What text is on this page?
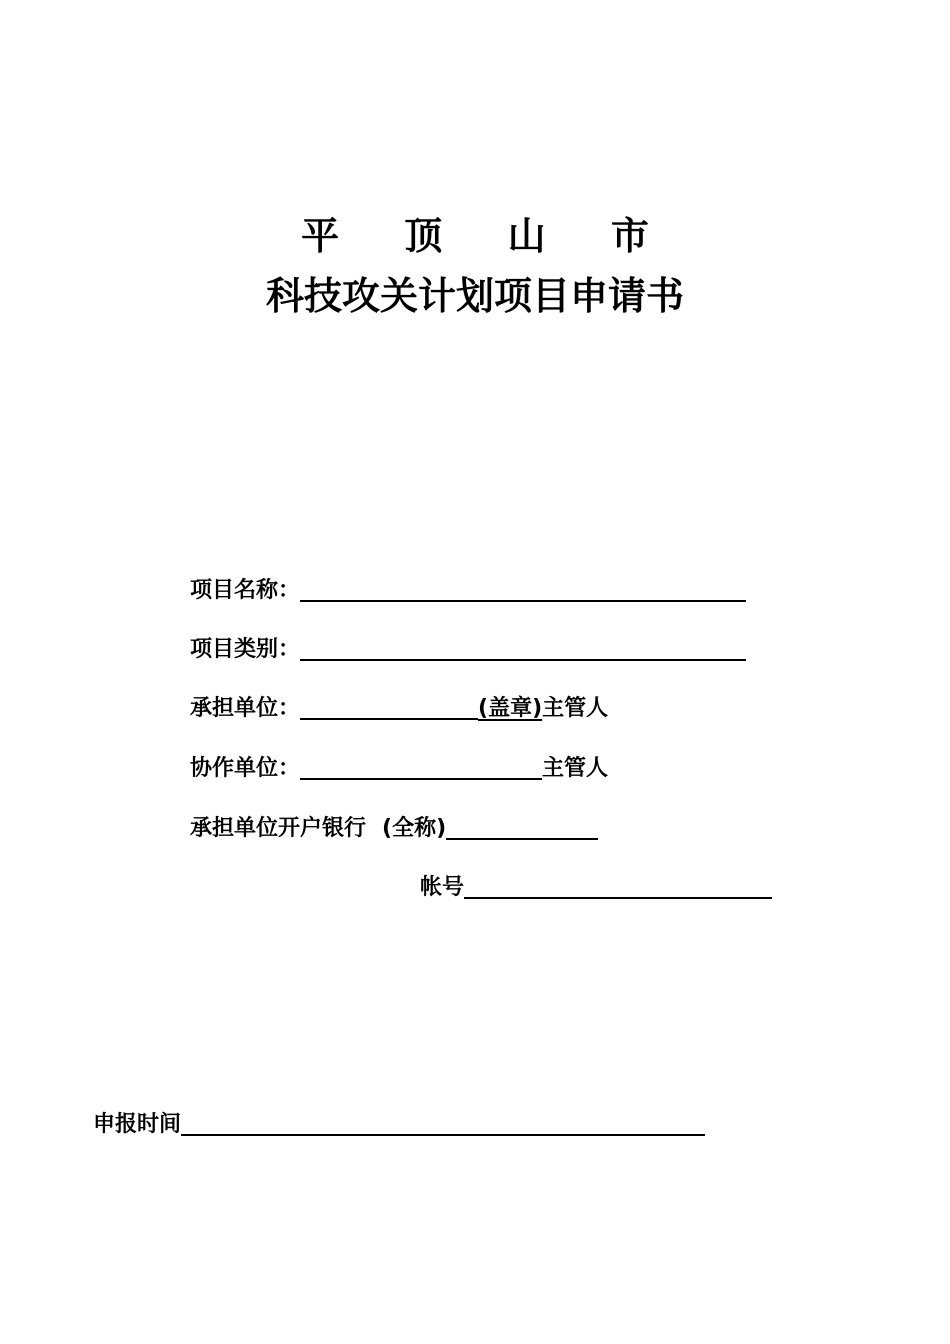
平 顶 山 市
科技攻关计划项目申请书
项目名称：
项目类别：
承担单位：	(盖章) 主管人
协作单位：	主管人
承担单位开户银行 (全称)
帐号
申报时间
